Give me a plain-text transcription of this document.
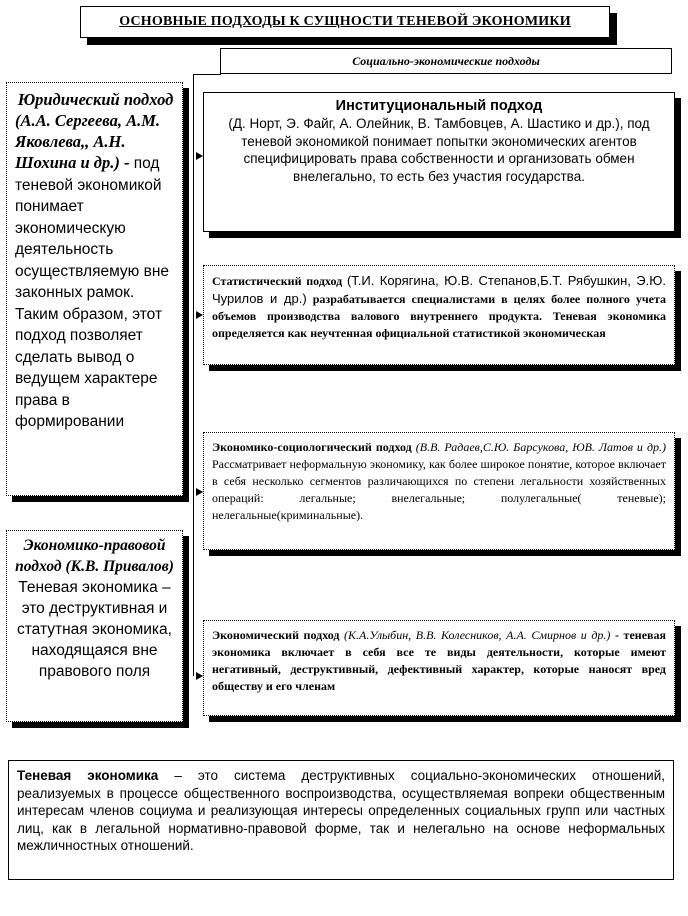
ОСНОВНЫЕ ПОДХОДЫ К СУЩНОСТИ ТЕНЕВОЙ ЭКОНОМИКИ
Социально-экономические подходы
Юридический подход
(А.А. Сергеева, А.М. Яковлева,, А.Н. Шохина и др.) - под теневой экономикой понимает экономическую деятельность осуществляемую вне законных рамок. Таким образом, этот подход позволяет сделать вывод о ведущем характере права в формировании
Экономико-правовой подход (К.В. Привалов)
Теневая экономика – это деструктивная и статутная экономика, находящаяся вне правового поля
Институциональный подход
(Д. Норт, Э. Файг, А. Олейник, В. Тамбовцев, А. Шастико и др.), под теневой экономикой понимает попытки экономических агентов специфицировать права собственности и организовать обмен внелегально, то есть без участия государства.
Статистический подход (Т.И. Корягина, Ю.В. Степанов,Б.Т. Рябушкин, Э.Ю. Чурилов и др.) разрабатывается специалистами в целях более полного учета объемов производства валового внутреннего продукта. Теневая экономика определяется как неучтенная официальной статистикой экономическая
Экономико-социологический подход (В.В. Радаев,С.Ю. Барсукова, ЮВ. Латов и др.) Рассматривает неформальную экономику, как более широкое понятие, которое включает в себя несколько сегментов различающихся по степени легальности хозяйственных операций: легальные; внелегальные; полулегальные( теневые); нелегальные(криминальные).
Экономический подход (К.А.Улыбин, В.В. Колесников, А.А. Смирнов и др.) - теневая экономика включает в себя все те виды деятельности, которые имеют негативный, деструктивный, дефективный характер, которые наносят вред обществу и его членам
Теневая экономика – это система деструктивных социально-экономических отношений, реализуемых в процессе общественного воспроизводства, осуществляемая вопреки общественным интересам членов социума и реализующая интересы определенных социальных групп или частных лиц, как в легальной нормативно-правовой форме, так и нелегально на основе неформальных межличностных отношений.
